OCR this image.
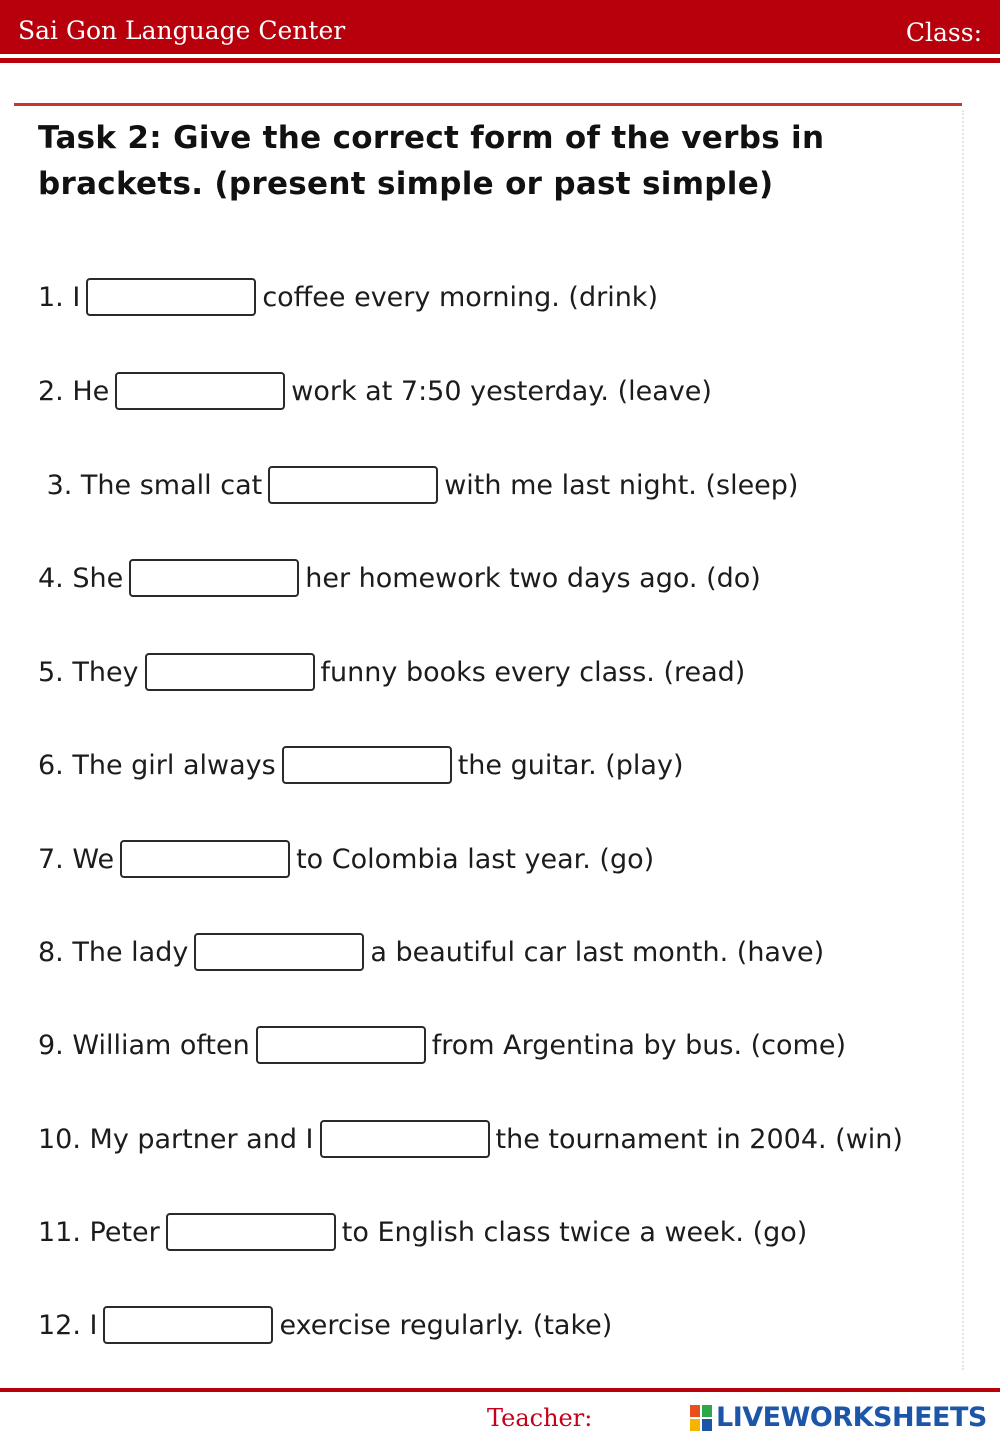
Sai Gon Language Center	Class:
Task 2: Give the correct form of the verbs in
brackets. (present simple or past simple)
1. I	coffee every morning. (drink)
2. He	work at 7:50 yesterday. (leave)
3. The small cat	with me last night. (sleep)
4. She	her homework two days ago. (do)
5. They	funny books every class. (read)
6. The girl always	the guitar. (play)
7. We	to Colombia last year. (go)
8. The lady	a beautiful car last month. (have)
9. William often	from Argentina by bus. (come)
10. My partner and I	the tournament in 2004. (win)
11. Peter	to English class twice a week. (go)
12. I	exercise regularly. (take)
Teacher:	LIVEWORKSHEETS
